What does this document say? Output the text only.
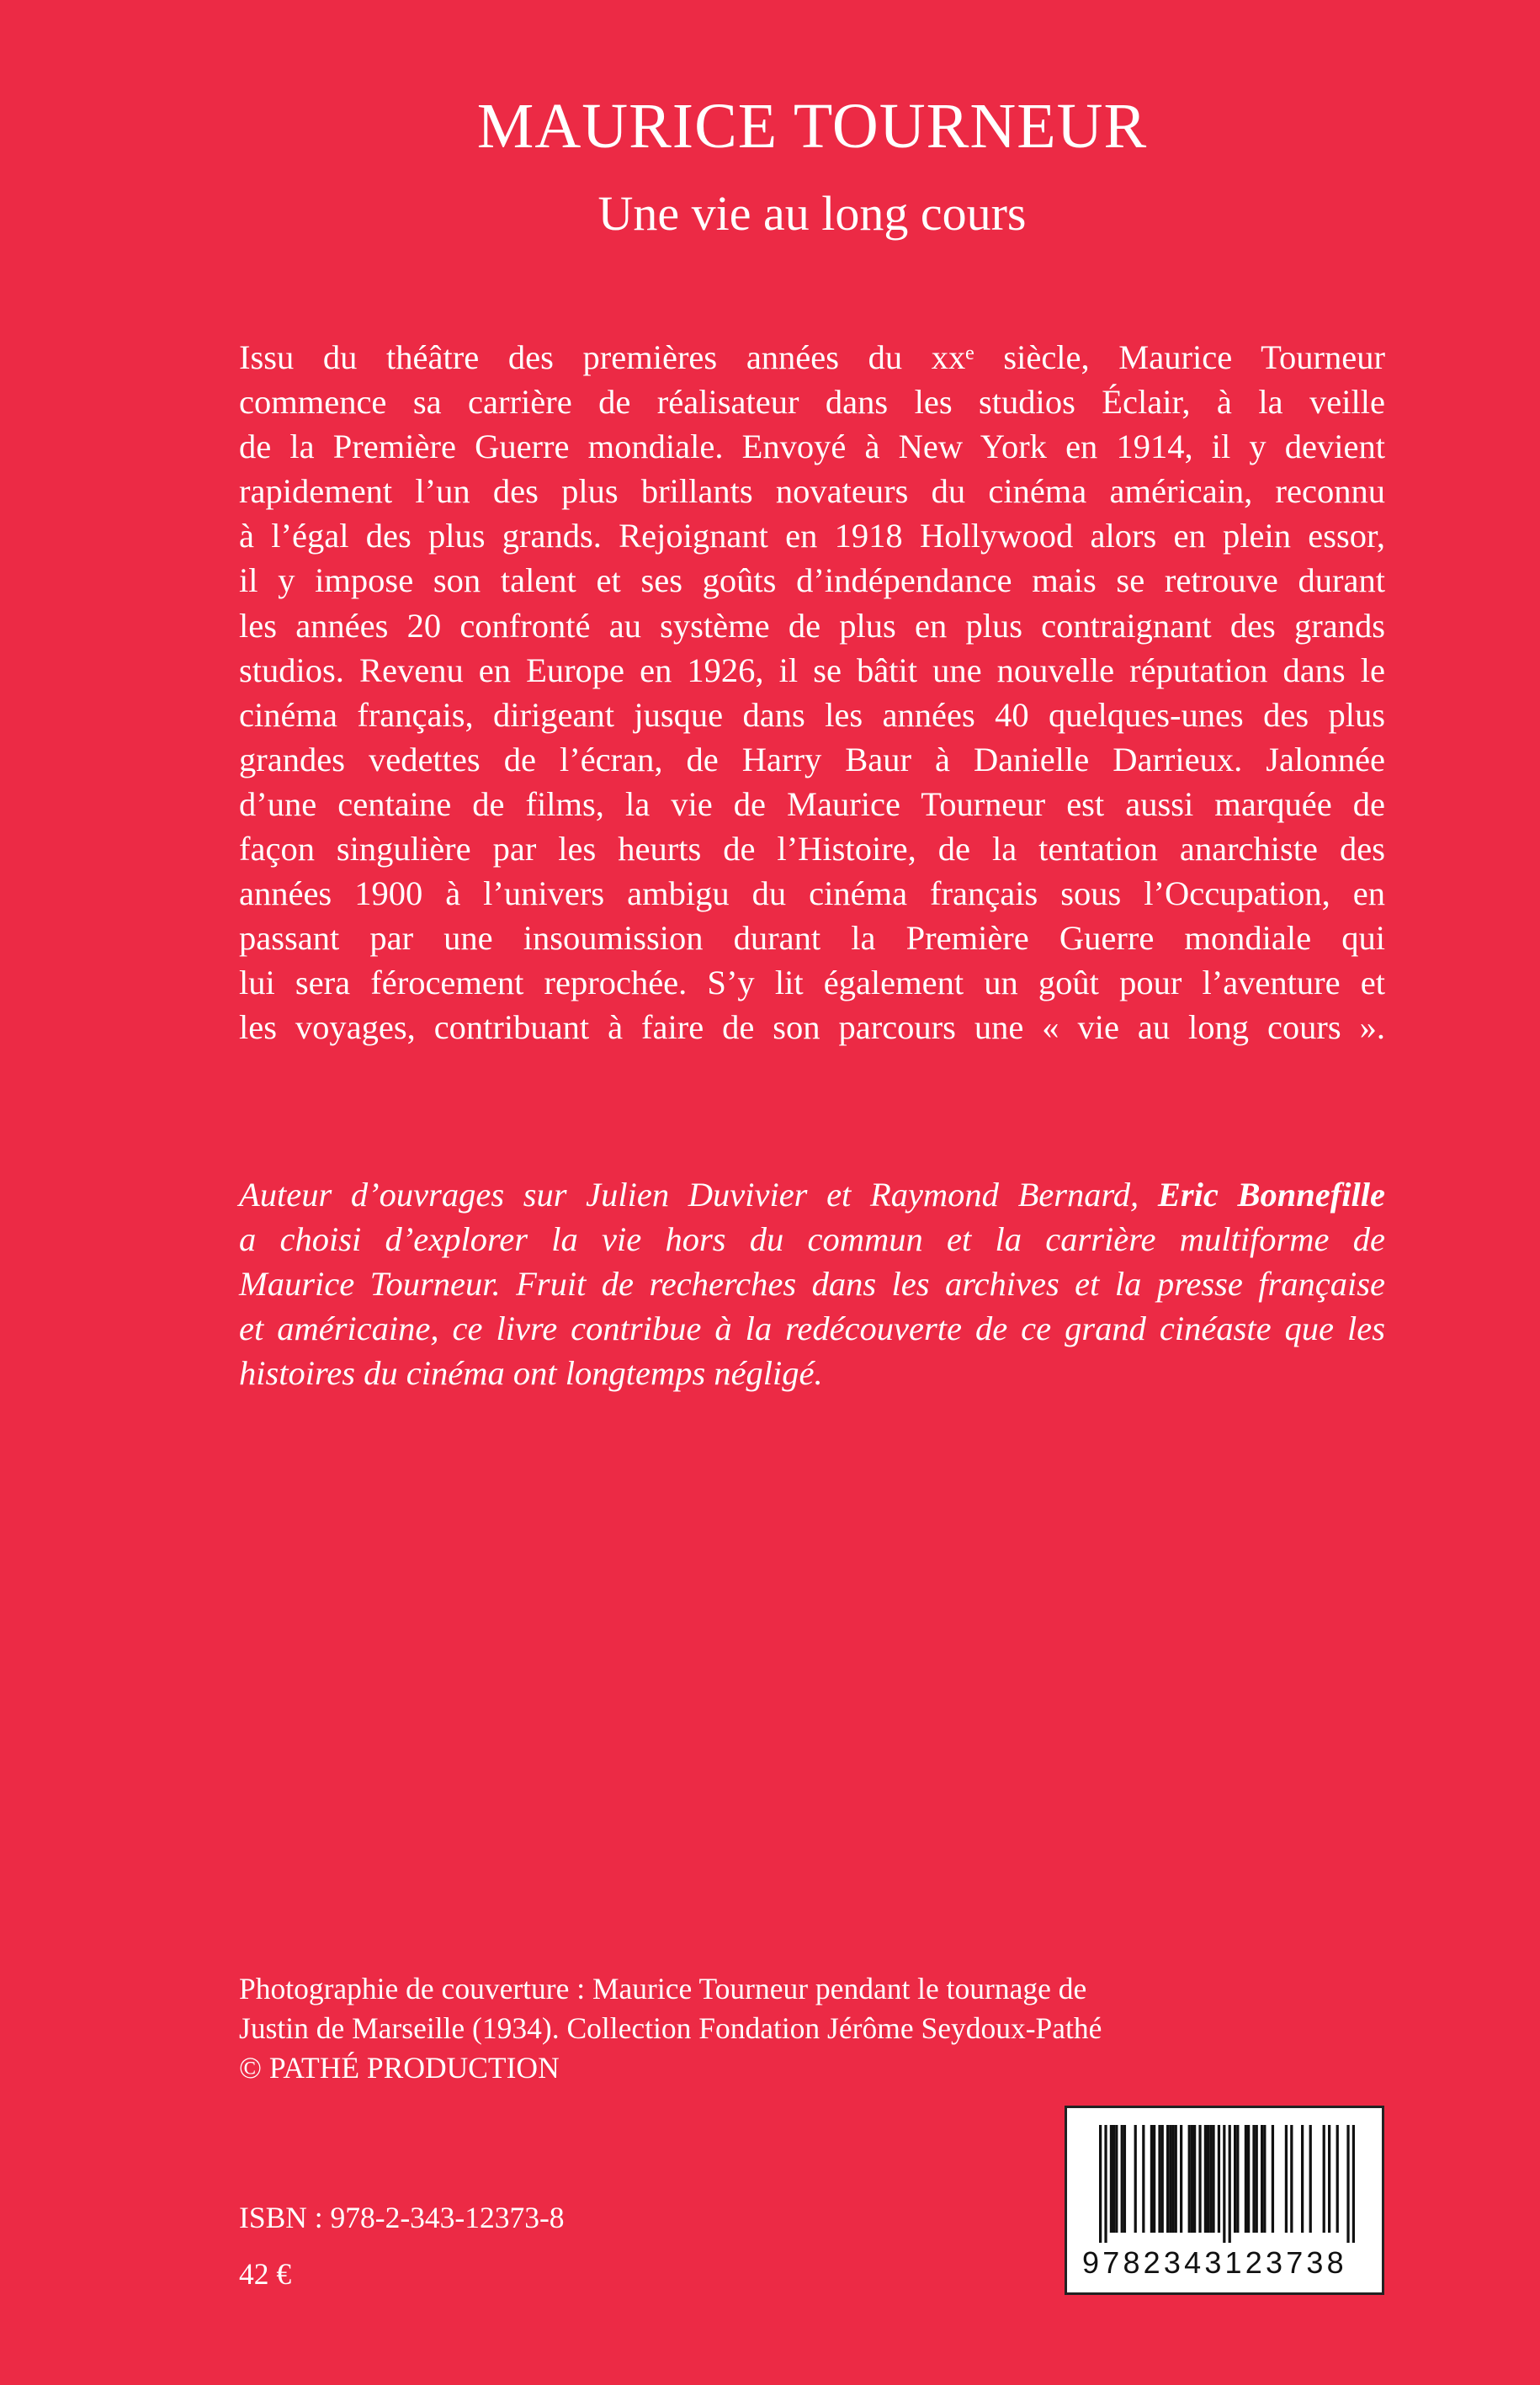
MAURICE TOURNEUR
Une vie au long cours
Issu du théâtre des premières années du xxᵉ siècle, Maurice Tourneur
commence sa carrière de réalisateur dans les studios Éclair, à la veille
de la Première Guerre mondiale. Envoyé à New York en 1914, il y devient
rapidement l’un des plus brillants novateurs du cinéma américain, reconnu
à l’égal des plus grands. Rejoignant en 1918 Hollywood alors en plein essor,
il y impose son talent et ses goûts d’indépendance mais se retrouve durant
les années 20 confronté au système de plus en plus contraignant des grands
studios. Revenu en Europe en 1926, il se bâtit une nouvelle réputation dans le
cinéma français, dirigeant jusque dans les années 40 quelques-unes des plus
grandes vedettes de l’écran, de Harry Baur à Danielle Darrieux. Jalonnée
d’une centaine de films, la vie de Maurice Tourneur est aussi marquée de
façon singulière par les heurts de l’Histoire, de la tentation anarchiste des
années 1900 à l’univers ambigu du cinéma français sous l’Occupation, en
passant par une insoumission durant la Première Guerre mondiale qui
lui sera férocement reprochée. S’y lit également un goût pour l’aventure et
les voyages, contribuant à faire de son parcours une « vie au long cours ».
Auteur d’ouvrages sur Julien Duvivier et Raymond Bernard, Eric Bonnefille
a choisi d’explorer la vie hors du commun et la carrière multiforme de
Maurice Tourneur. Fruit de recherches dans les archives et la presse française
et américaine, ce livre contribue à la redécouverte de ce grand cinéaste que les
histoires du cinéma ont longtemps négligé.
Photographie de couverture : Maurice Tourneur pendant le tournage de
Justin de Marseille (1934). Collection Fondation Jérôme Seydoux-Pathé
© PATHÉ PRODUCTION
ISBN : 978-2-343-12373-8
42 €	9782343123738
